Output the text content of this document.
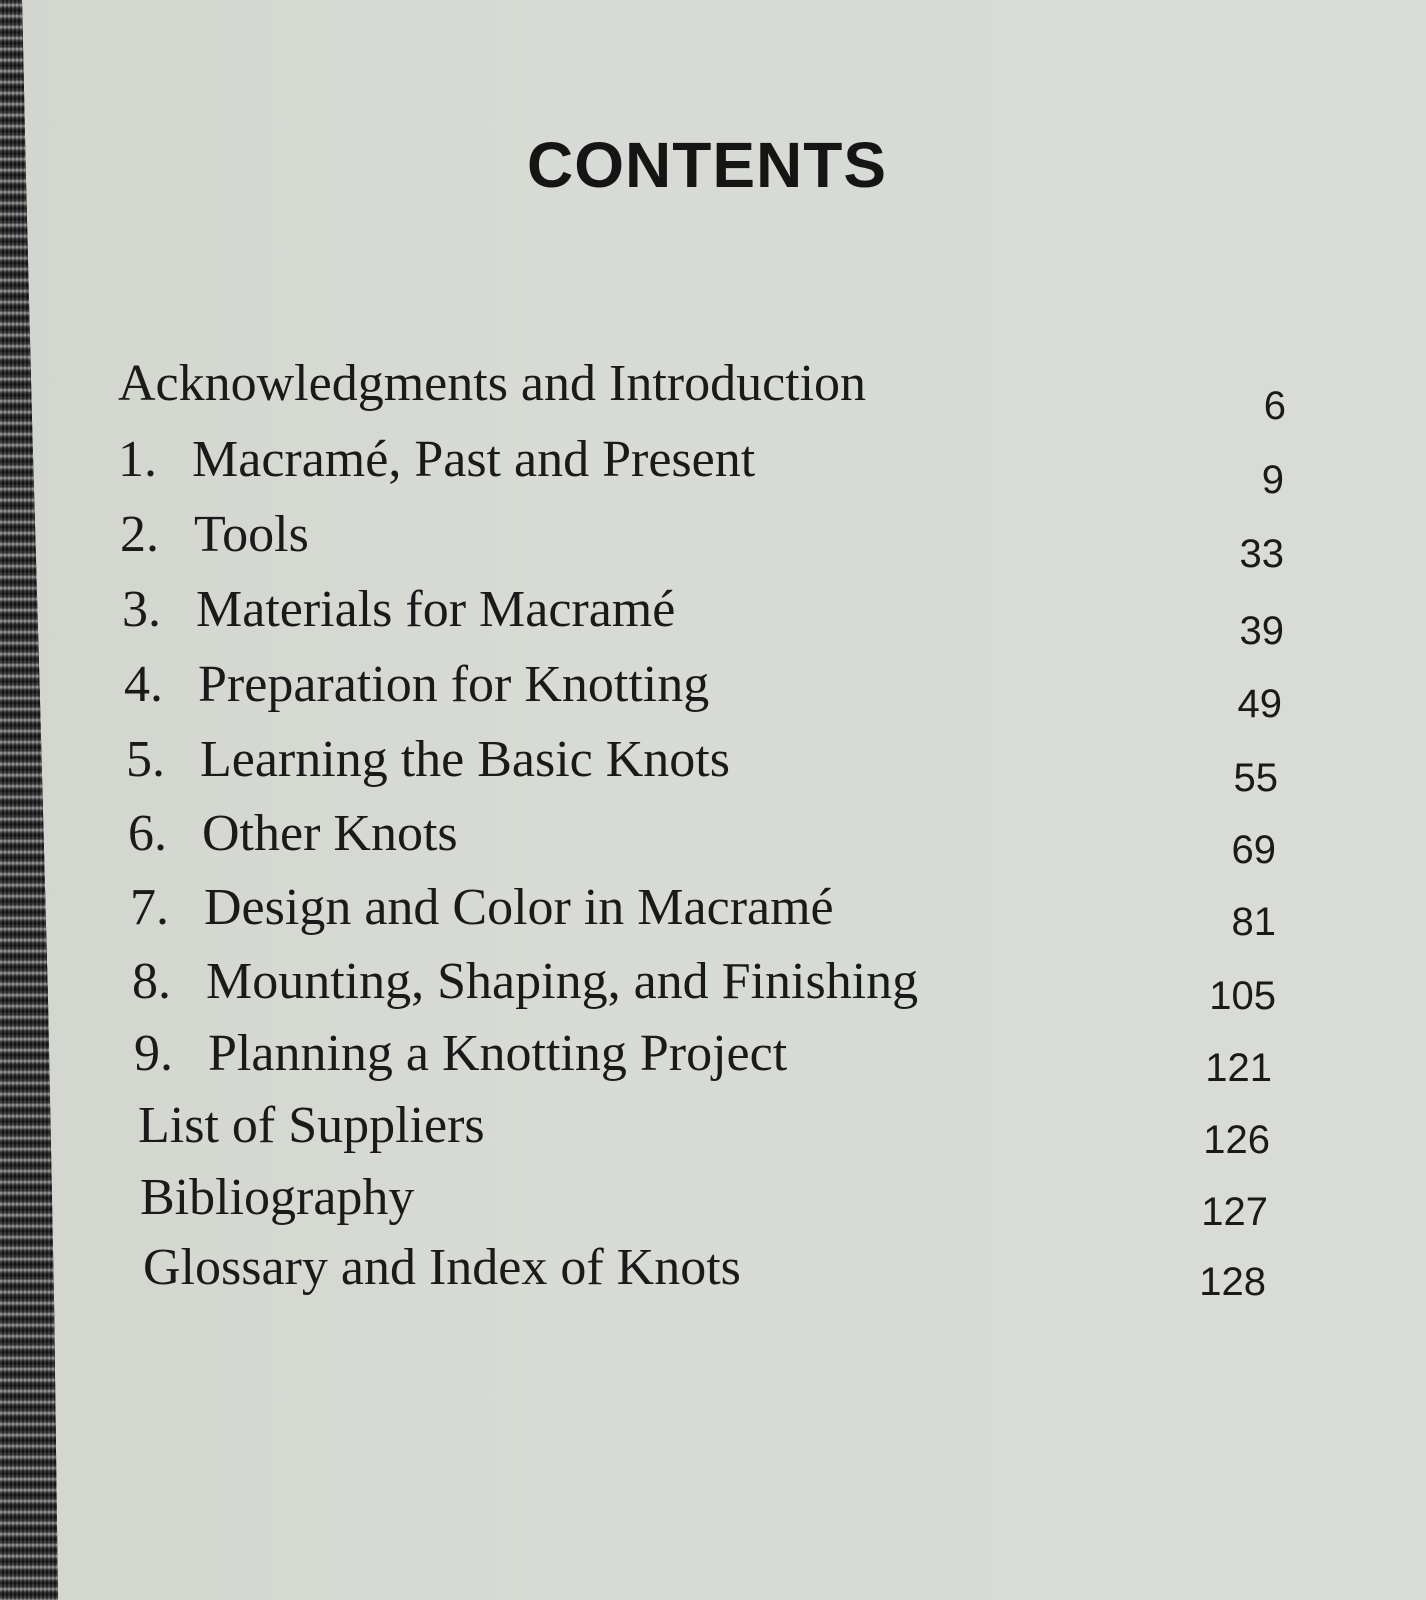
CONTENTS
Acknowledgments and Introduction	6
1. Macramé, Past and Present	9
2. Tools	33
3. Materials for Macramé	39
4. Preparation for Knotting	49
5. Learning the Basic Knots	55
6. Other Knots	69
7. Design and Color in Macramé	81
8. Mounting, Shaping, and Finishing	105
9. Planning a Knotting Project	121
List of Suppliers	126
Bibliography	127
Glossary and Index of Knots	128
